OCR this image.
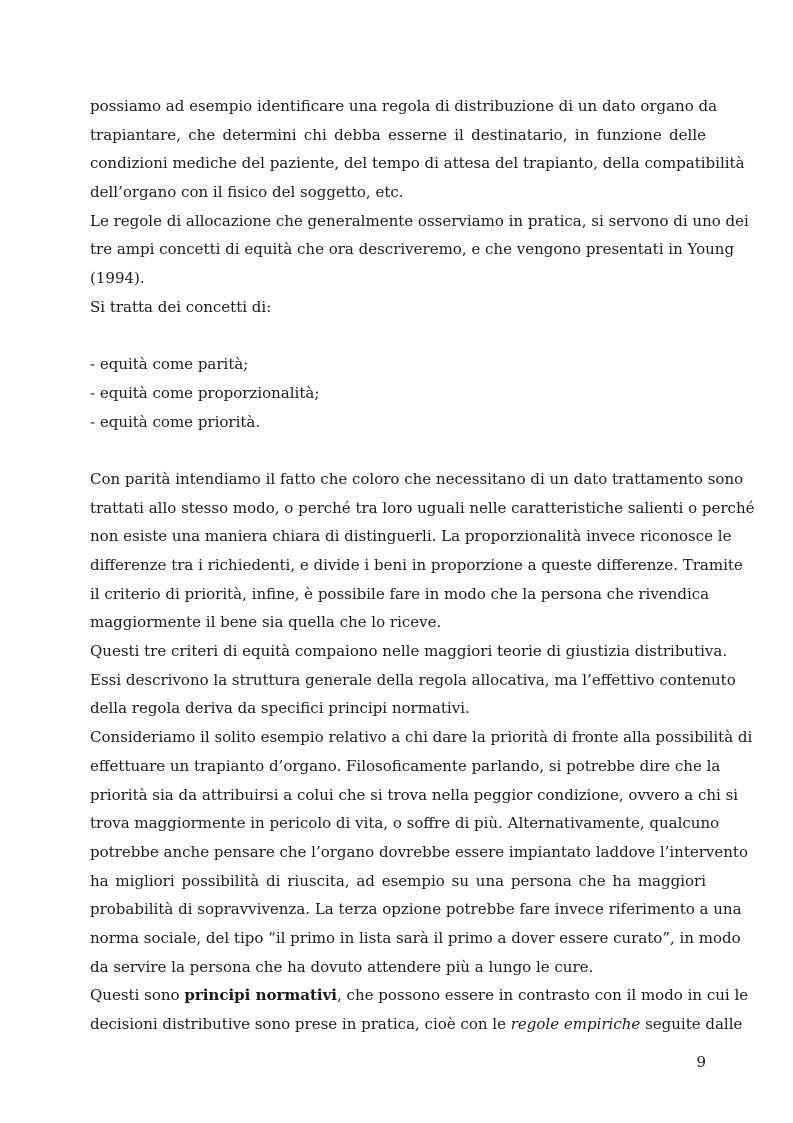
possiamo ad esempio identificare una regola di distribuzione di un dato organo da
trapiantare, che determini chi debba esserne il destinatario, in funzione delle
condizioni mediche del paziente, del tempo di attesa del trapianto, della compatibilità
dell’organo con il fisico del soggetto, etc.
Le regole di allocazione che generalmente osserviamo in pratica, si servono di uno dei
tre ampi concetti di equità che ora descriveremo, e che vengono presentati in Young
(1994).
Si tratta dei concetti di:
- equità come parità;
- equità come proporzionalità;
- equità come priorità.
Con parità intendiamo il fatto che coloro che necessitano di un dato trattamento sono
trattati allo stesso modo, o perché tra loro uguali nelle caratteristiche salienti o perché
non esiste una maniera chiara di distinguerli. La proporzionalità invece riconosce le
differenze tra i richiedenti, e divide i beni in proporzione a queste differenze. Tramite
il criterio di priorità, infine, è possibile fare in modo che la persona che rivendica
maggiormente il bene sia quella che lo riceve.
Questi tre criteri di equità compaiono nelle maggiori teorie di giustizia distributiva.
Essi descrivono la struttura generale della regola allocativa, ma l’effettivo contenuto
della regola deriva da specifici principi normativi.
Consideriamo il solito esempio relativo a chi dare la priorità di fronte alla possibilità di
effettuare un trapianto d’organo. Filosoficamente parlando, si potrebbe dire che la
priorità sia da attribuirsi a colui che si trova nella peggior condizione, ovvero a chi si
trova maggiormente in pericolo di vita, o soffre di più. Alternativamente, qualcuno
potrebbe anche pensare che l’organo dovrebbe essere impiantato laddove l’intervento
ha migliori possibilità di riuscita, ad esempio su una persona che ha maggiori
probabilità di sopravvivenza. La terza opzione potrebbe fare invece riferimento a una
norma sociale, del tipo “il primo in lista sarà il primo a dover essere curato”, in modo
da servire la persona che ha dovuto attendere più a lungo le cure.
Questi sono principi normativi, che possono essere in contrasto con il modo in cui le
decisioni distributive sono prese in pratica, cioè con le regole empiriche seguite dalle
9
